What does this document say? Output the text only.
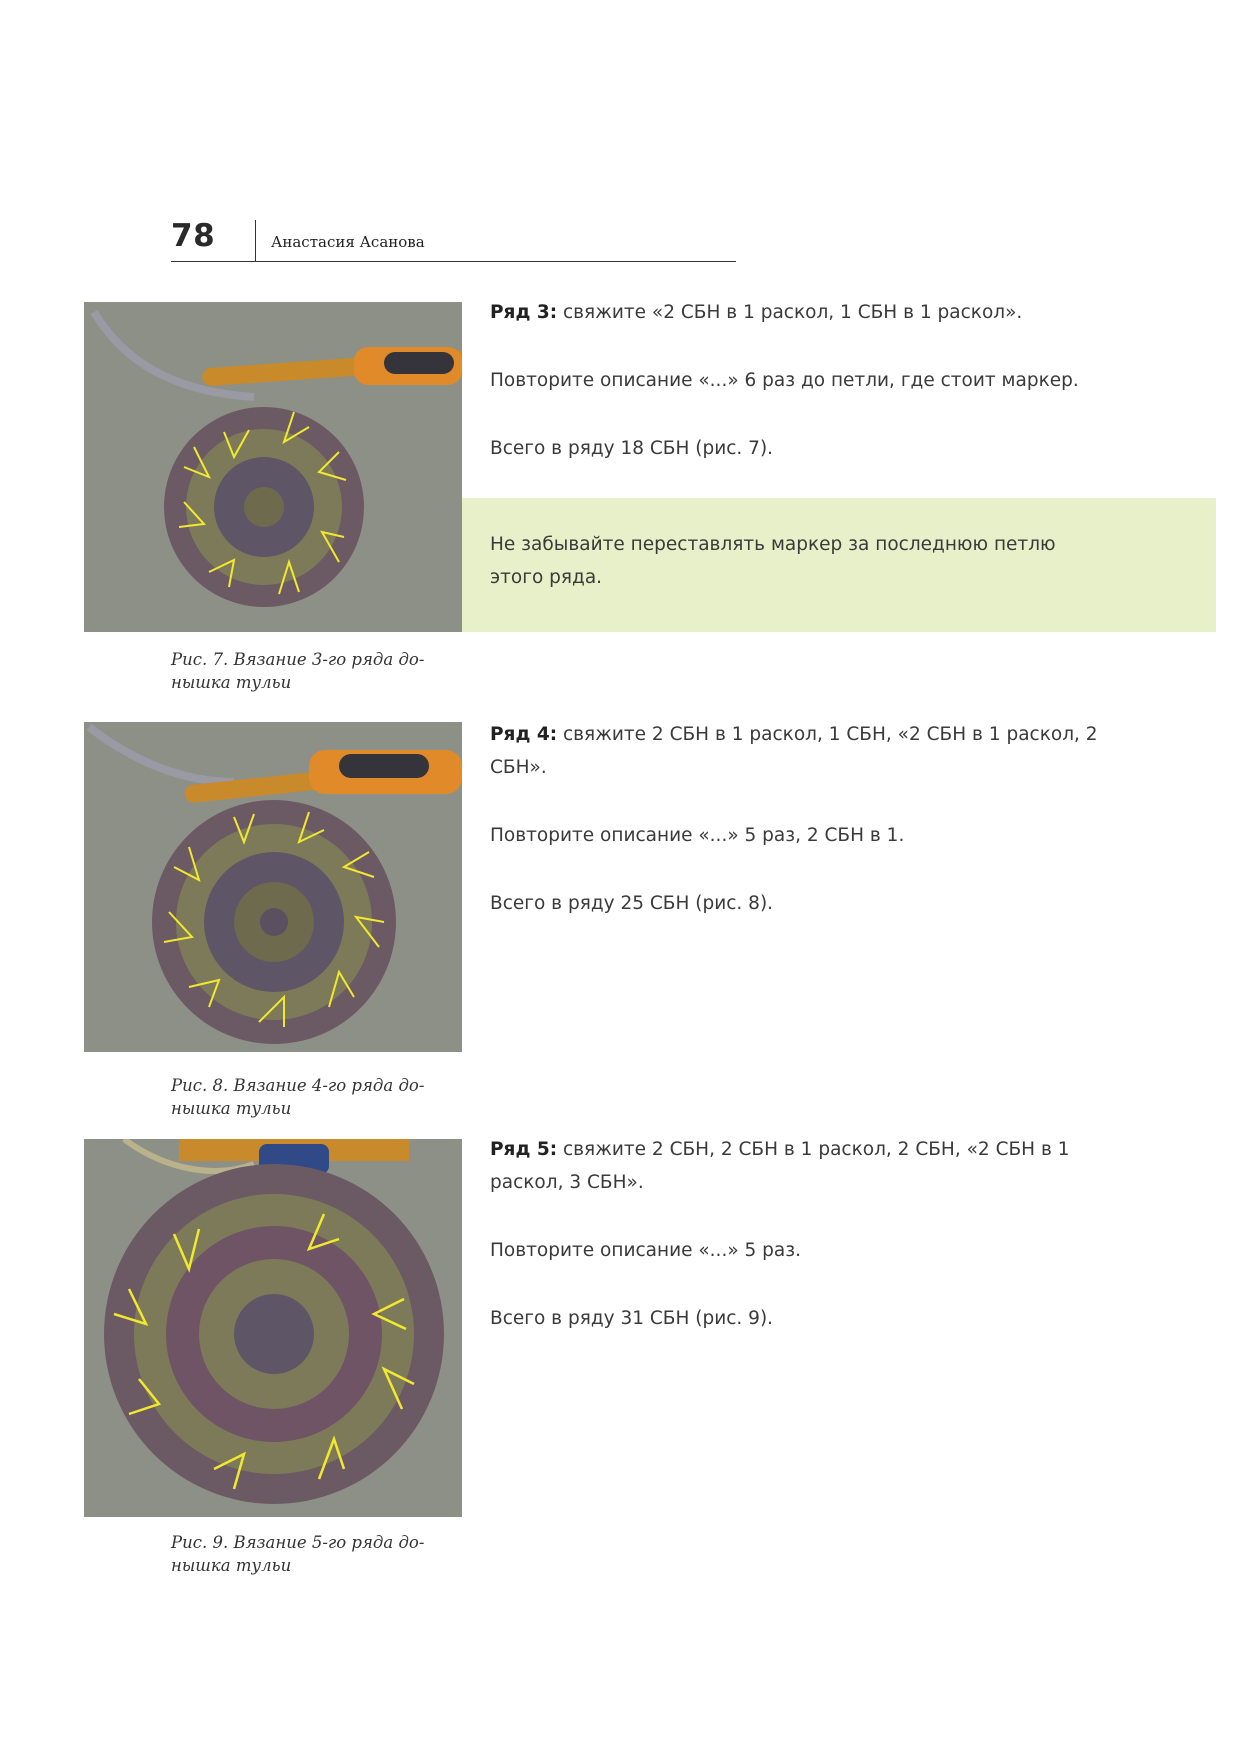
78	Анастасия Асанова
Рис. 7. Вязание 3-го ряда до-нышка тульи
Ряд 3: свяжите «2 СБН в 1 раскол, 1 СБН в 1 раскол».
Повторите описание «...» 6 раз до петли, где стоит маркер.
Всего в ряду 18 СБН (рис. 7).
Не забывайте переставлять маркер за последнюю петлю этого ряда.
Рис. 8. Вязание 4-го ряда до-нышка тульи
Ряд 4: свяжите 2 СБН в 1 раскол, 1 СБН, «2 СБН в 1 раскол, 2 СБН».
Повторите описание «...» 5 раз, 2 СБН в 1.
Всего в ряду 25 СБН (рис. 8).
Рис. 9. Вязание 5-го ряда до-нышка тульи
Ряд 5: свяжите 2 СБН, 2 СБН в 1 раскол, 2 СБН, «2 СБН в 1 раскол, 3 СБН».
Повторите описание «...» 5 раз.
Всего в ряду 31 СБН (рис. 9).
